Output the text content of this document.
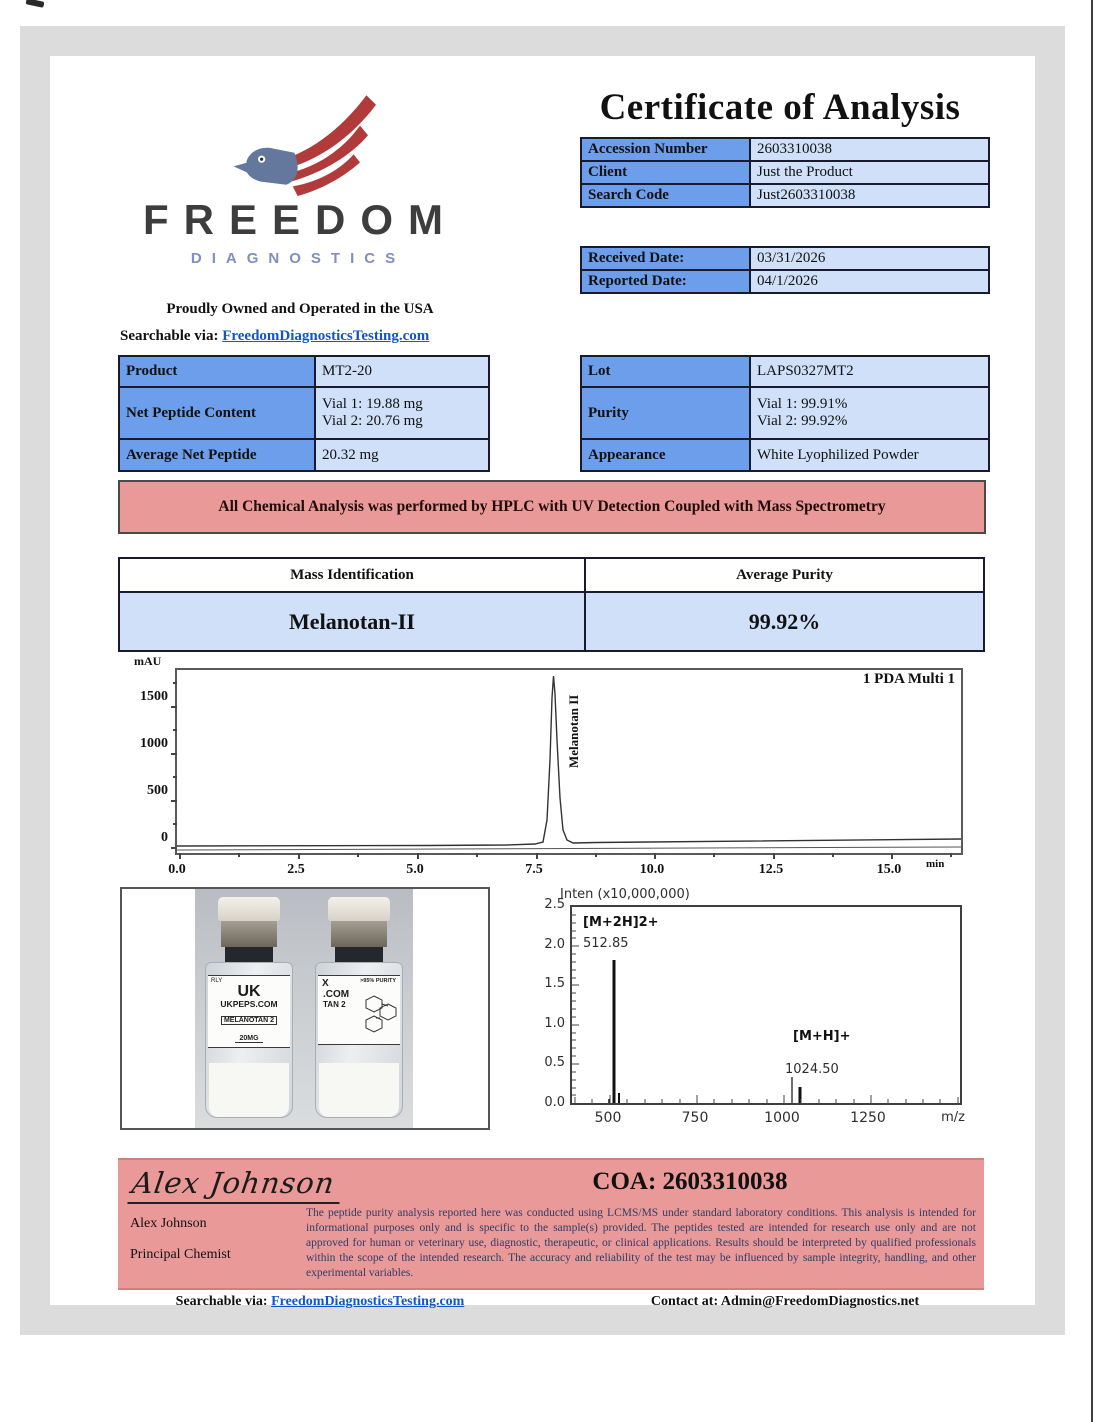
FREEDOM
DIAGNOSTICS
Proudly Owned and Operated in the USA
Searchable via: FreedomDiagnosticsTesting.com
Certificate of Analysis
Accession Number	2603310038
Client	Just the Product
Search Code	Just2603310038
Received Date:	03/31/2026
Reported Date:	04/1/2026
Product	MT2-20
Net Peptide Content	Vial 1: 19.88 mg
Vial 2: 20.76 mg

Average Net Peptide	20.32 mg
Lot	LAPS0327MT2
Purity	Vial 1: 99.91%
Vial 2: 99.92%

Appearance	White Lyophilized Powder
All Chemical Analysis was performed by HPLC with UV Detection Coupled with Mass Spectrometry
Mass Identification	Average Purity
Melanotan-II	99.92%
mAU
1 PDA Multi 1
Melanotan II
1500
1000
500
0
0.0	2.5	5.0	7.5	10.0	12.5	15.0	min
RLY
UK
UKPEPS.COM
MELANOTAN 2 20MG
X	>95% PURITY
.COM
TAN 2
Inten (x10,000,000)
[M+2H]2+
512.85
[M+H]+
1024.50
2.5
2.0
1.5
1.0
0.5
0.0
500	750	1000	1250	m/z
Alex Johnson
Alex Johnson
Principal Chemist
COA: 2603310038
The peptide purity analysis reported here was conducted using LCMS/MS under standard laboratory conditions. This analysis is intended for informational purposes only and is specific to the sample(s) provided. The peptides tested are intended for research use only and are not approved for human or veterinary use, diagnostic, therapeutic, or clinical applications. Results should be interpreted by qualified professionals within the scope of the intended research. The accuracy and reliability of the test may be influenced by sample integrity, handling, and other experimental variables.
Searchable via: FreedomDiagnosticsTesting.com	Contact at: Admin@FreedomDiagnostics.net
